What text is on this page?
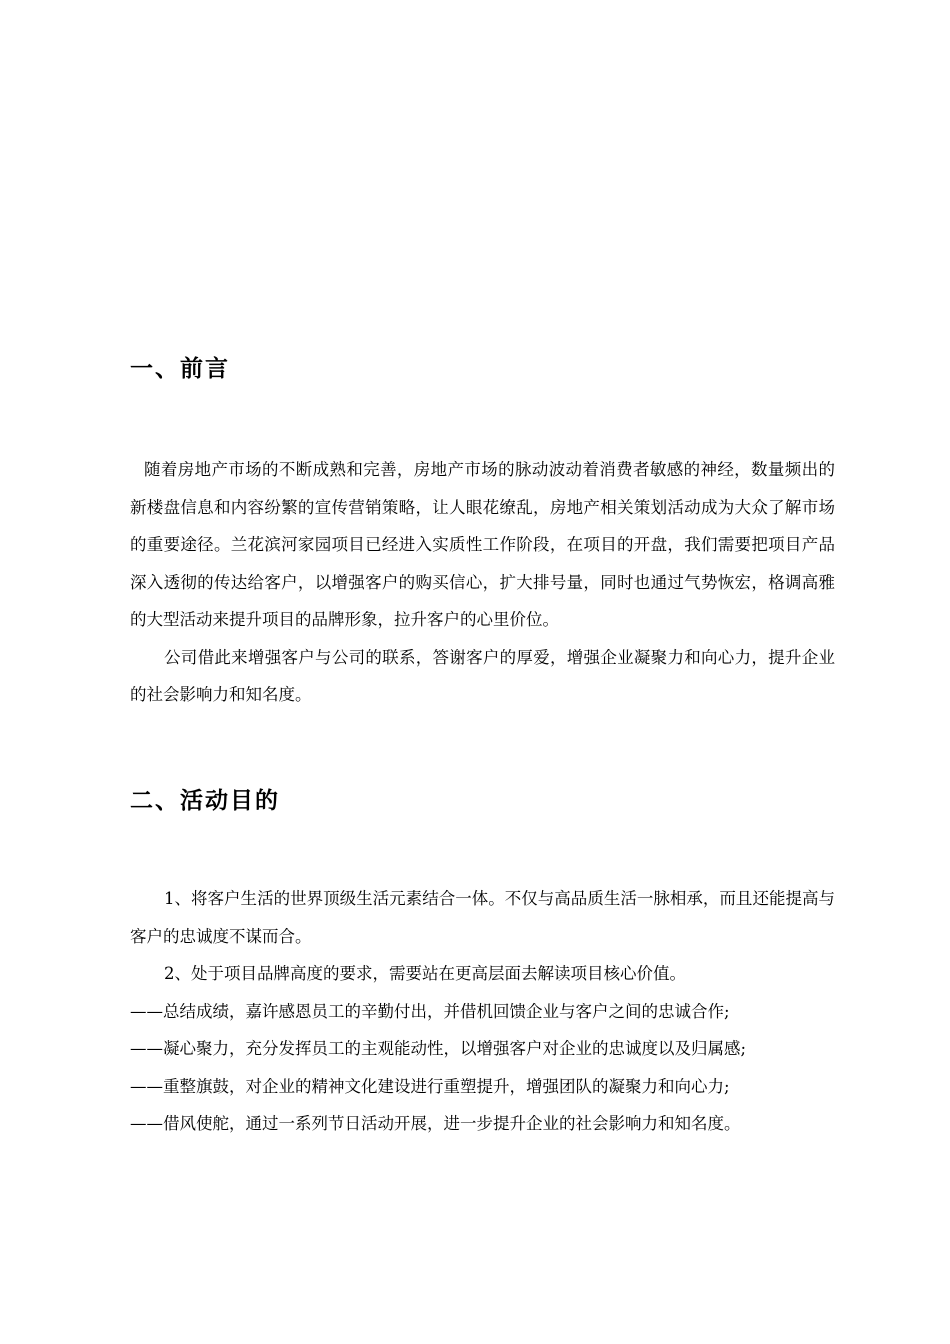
一、前言

随着房地产市场的不断成熟和完善，房地产市场的脉动波动着消费者敏感的神经，数量频出的新楼盘信息和内容纷繁的宣传营销策略，让人眼花缭乱，房地产相关策划活动成为大众了解市场的重要途径。兰花滨河家园项目已经进入实质性工作阶段，在项目的开盘，我们需要把项目产品深入透彻的传达给客户，以增强客户的购买信心，扩大排号量，同时也通过气势恢宏，格调高雅的大型活动来提升项目的品牌形象，拉升客户的心里价位。

公司借此来增强客户与公司的联系，答谢客户的厚爱，增强企业凝聚力和向心力，提升企业的社会影响力和知名度。

二、活动目的

1、将客户生活的世界顶级生活元素结合一体。不仅与高品质生活一脉相承，而且还能提高与客户的忠诚度不谋而合。

2、处于项目品牌高度的要求，需要站在更高层面去解读项目核心价值。

——总结成绩，嘉许感恩员工的辛勤付出，并借机回馈企业与客户之间的忠诚合作;

——凝心聚力，充分发挥员工的主观能动性，以增强客户对企业的忠诚度以及归属感;

——重整旗鼓，对企业的精神文化建设进行重塑提升，增强团队的凝聚力和向心力;

——借风使舵，通过一系列节日活动开展，进一步提升企业的社会影响力和知名度。
